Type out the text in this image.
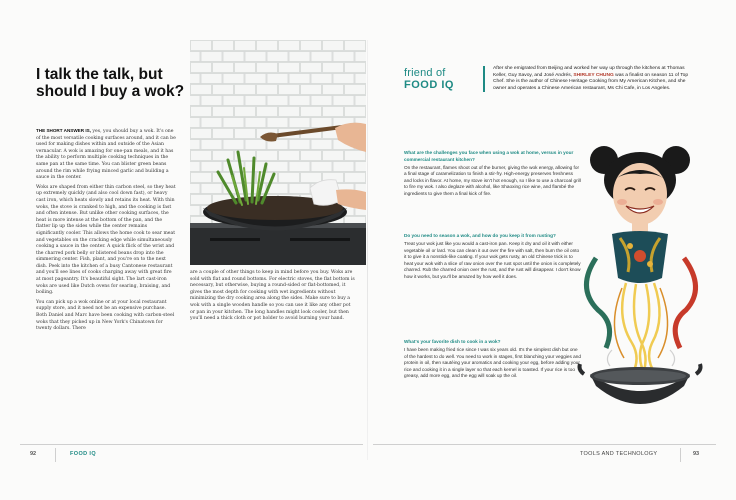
I talk the talk, but should I buy a wok?

THE SHORT ANSWER IS, yes, you should buy a wok. It's one of the most versatile cooking surfaces around, and it can be used for making dishes within and outside of the Asian vernacular. A wok is amazing for one-pan meals, and it has the ability to perform multiple cooking techniques in the same pan at the same time. You can blister green beans around the rim while frying minced garlic and building a sauce in the center.

Woks are shaped from either thin carbon steel, so they heat up extremely quickly (and also cool down fast), or heavy cast iron, which heats slowly and retains its heat. With thin woks, the stove is cranked to high, and the cooking is fast and often intense. But unlike other cooking surfaces, the heat is more intense at the bottom of the pan, and the flatter lip up the sides while the center remains significantly cooler. This allows the home cook to sear meat and vegetables on the cracking edge while simultaneously cooking a sauce in the center. A quick flick of the wrist and the charred pork belly or blistered beans drop into the simmering center. Fish, plant, and you're on to the next dish. Peek into the kitchen of a busy Cantonese restaurant and you'll see lines of cooks charging away with great fire at most pageantry. It's beautiful sight. The lart cast-iron woks are used like Dutch ovens for searing, braising, and boiling.

You can pick up a wok online or at your local restaurant supply store, and it need not be an expensive purchase. Both Daniel and Marc have been cooking with carbon-steel woks that they picked up in New York's Chinatown for twenty dollars. There

are a couple of other things to keep in mind before you buy. Woks are sold with flat and round bottoms. For electric stoves, the flat bottom is necessary, but otherwise, buying a round-sided or flat-bottomed, it gives the most depth for cooking with wet ingredients without minimizing the dry cooking area along the sides. Make sure to buy a wok with a single wooden handle so you can use it like any other pot or pan in your kitchen. The long handles might look cooler, but then you'll need a thick cloth or pot holder to avoid burning your hand.

friend of
FOOD IQ
After she emigrated from Beijing and worked her way up through the kitchens at Thomas Keller, Guy Savoy, and José Andrés, SHIRLEY CHUNG was a finalist on season 11 of Top Chef. She is the author of Chinese Heritage Cooking from My American Kitchen, and she owner and operates a Chinese American restaurant, Ms Chi Cafe, in Los Angeles.
What are the challenges you face when using a wok at home, versus in your commercial restaurant kitchen?
On the restaurant, flames shoot out of the burner, giving the wok energy, allowing for a final stage of caramelization to finish a stir-fry. High-energy preserves freshness and locks in flavor. At home, my stove isn't hot enough, so I like to use a charcoal grill to fire my wok. I also deglaze with alcohol, like Shaoxing rice wine, and flambé the ingredients to give them a final kick of fire.
Do you need to season a wok, and how do you keep it from rusting?
Treat your wok just like you would a cast-iron pan. Keep it dry and oil it with either vegetable oil or lard. You can clean it out over the fire with salt, then burn the oil onto it to give it a nonstick-like coating. If your wok gets rusty, an old Chinese trick is to heat your wok with a slice of raw onion over the rust spot until the onion is completely charred. Rub the charred onion over the rust, and the rust will disappear. I don't know how it works, but you'll be amazed by how well it does.
What's your favorite dish to cook in a wok?
I have been making fried rice since I was six years old. It's the simplest dish but one of the hardest to do well. You need to work in stages, first blanching your veggies and protein in oil, then sautéing your aromatics and cooking your egg, before adding your rice and cooking it in a single layer so that each kernel is toasted. If your rice is too greasy, add more egg, and the egg will soak up the oil.
92	FOOD IQ	TOOLS AND TECHNOLOGY	93
